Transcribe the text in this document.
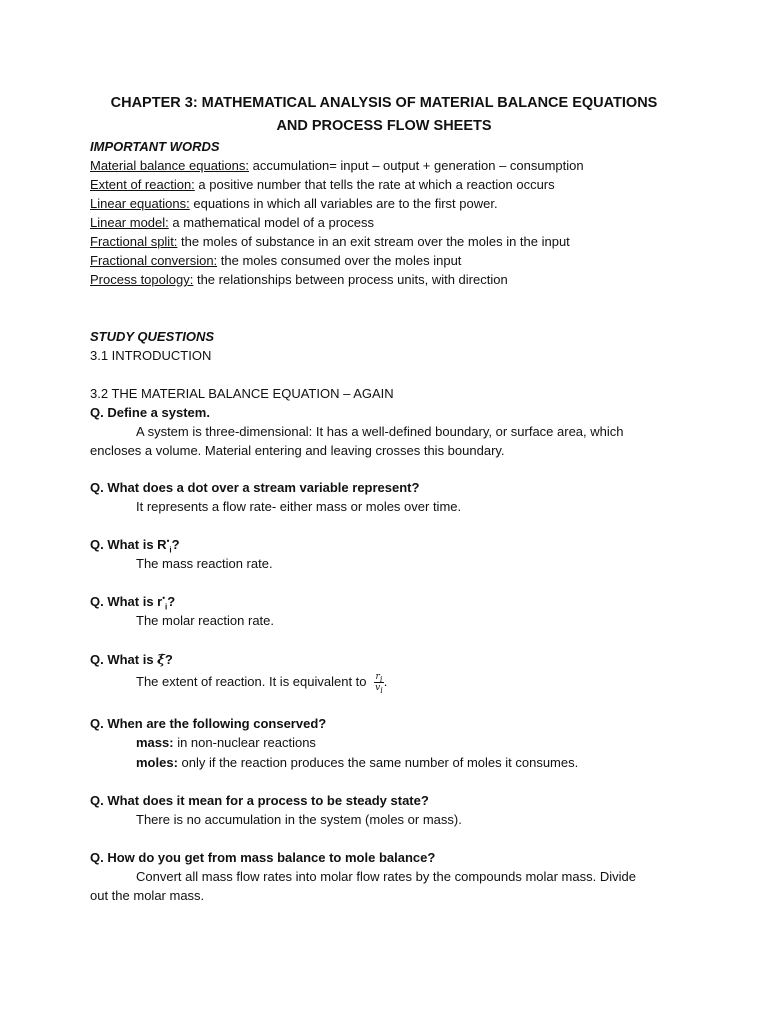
CHAPTER 3: MATHEMATICAL ANALYSIS OF MATERIAL BALANCE EQUATIONS
AND PROCESS FLOW SHEETS
IMPORTANT WORDS
Material balance equations: accumulation= input – output + generation – consumption
Extent of reaction: a positive number that tells the rate at which a reaction occurs
Linear equations: equations in which all variables are to the first power.
Linear model: a mathematical model of a process
Fractional split: the moles of substance in an exit stream over the moles in the input
Fractional conversion: the moles consumed over the moles input
Process topology: the relationships between process units, with direction
STUDY QUESTIONS
3.1 INTRODUCTION
3.2 THE MATERIAL BALANCE EQUATION – AGAIN
Q. Define a system.
A system is three-dimensional: It has a well-defined boundary, or surface area, which
encloses a volume. Material entering and leaving crosses this boundary.
Q. What does a dot over a stream variable represent?
It represents a flow rate- either mass or moles over time.
Q. What is $R^•_i$?
The mass reaction rate.
Q. What is $r^•_i$?
The molar reaction rate.
Q. What is ξ̇?
The extent of reaction. It is equivalent to $\frac{r_i}{v_i}$ .
Q. When are the following conserved?
mass: in non-nuclear reactions
moles: only if the reaction produces the same number of moles it consumes.
Q. What does it mean for a process to be steady state?
There is no accumulation in the system (moles or mass).
Q. How do you get from mass balance to mole balance?
Convert all mass flow rates into molar flow rates by the compounds molar mass. Divide
out the molar mass.
